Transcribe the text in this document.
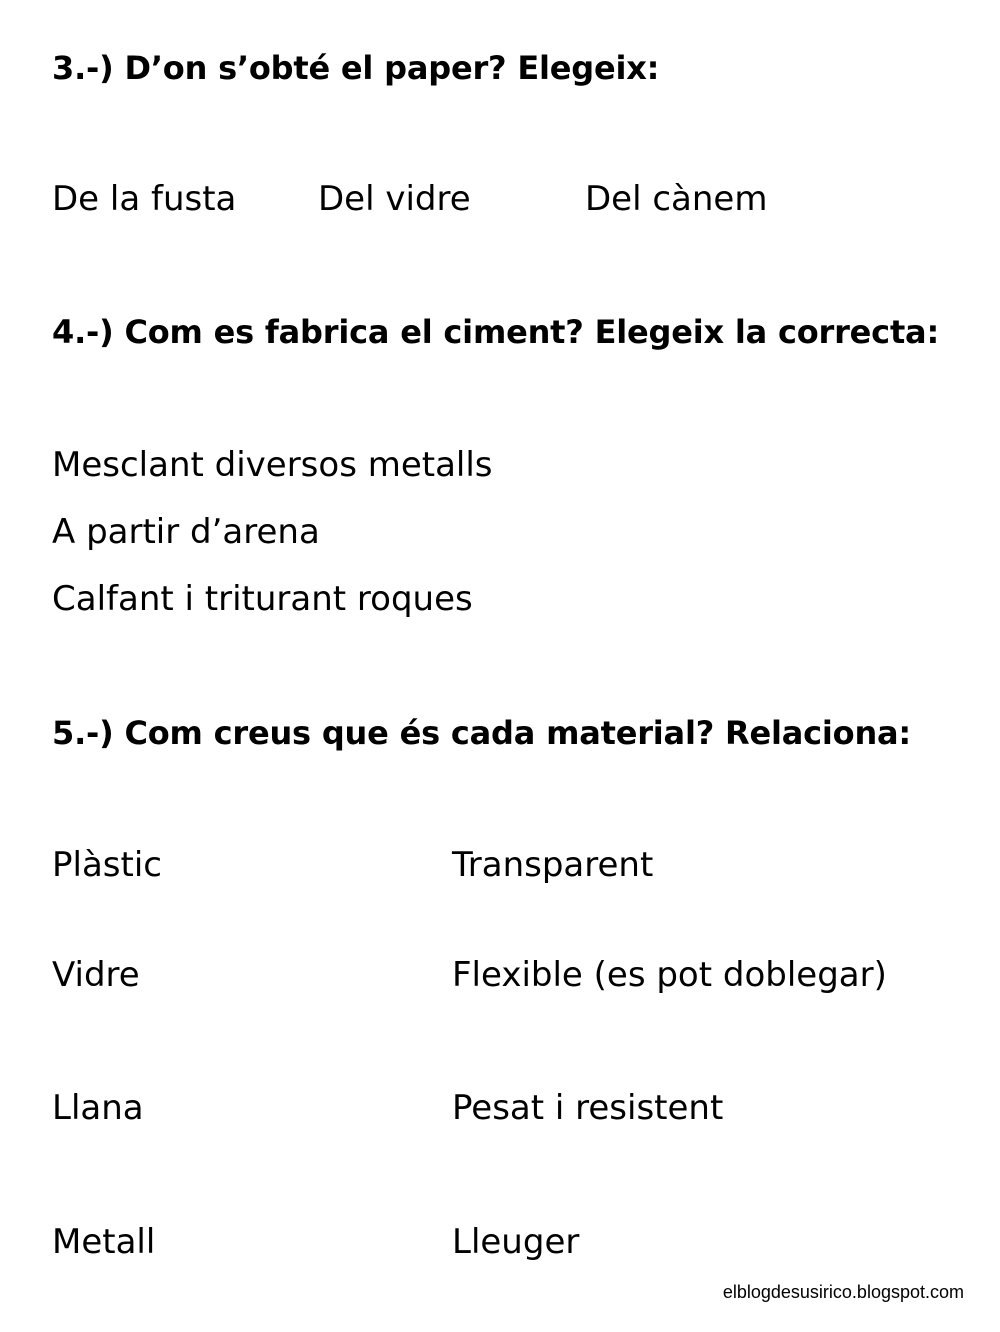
3.-) D’on s’obté el paper? Elegeix:
De la fusta Del vidre	Del cànem
4.-) Com es fabrica el ciment? Elegeix la correcta:
Mesclant diversos metalls
A partir d’arena
Calfant i triturant roques
5.-) Com creus que és cada material? Relaciona:
Plàstic	Transparent
Vidre	Flexible (es pot doblegar)
Llana	Pesat i resistent
Metall	Lleuger
elblogdesusirico.blogspot.com
